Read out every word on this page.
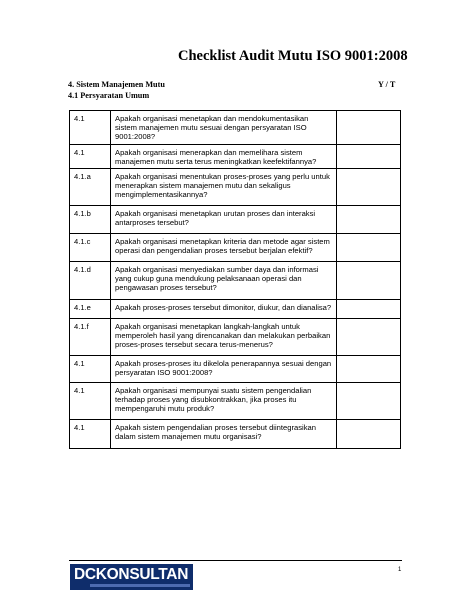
Checklist Audit Mutu ISO 9001:2008
4. Sistem Manajemen Mutu	Y / T
4.1 Persyaratan Umum
4.1	Apakah organisasi menetapkan dan mendokumentasikan sistem manajemen mutu sesuai dengan persyaratan ISO 9001:2008?	
4.1	Apakah organisasi menerapkan dan memelihara sistem manajemen mutu serta terus meningkatkan keefektifannya?	
4.1.a	Apakah organisasi menentukan proses-proses yang perlu untuk menerapkan sistem manajemen mutu dan sekaligus mengimplementasikannya?	
4.1.b	Apakah organisasi menetapkan urutan proses dan interaksi antarproses tersebut?	
4.1.c	Apakah organisasi menetapkan kriteria dan metode agar sistem operasi dan pengendalian proses tersebut berjalan efektif?	
4.1.d	Apakah organisasi menyediakan sumber daya dan informasi yang cukup guna mendukung pelaksanaan operasi dan pengawasan proses tersebut?	
4.1.e	Apakah proses-proses tersebut dimonitor, diukur, dan dianalisa?	
4.1.f	Apakah organisasi menetapkan langkah-langkah untuk memperoleh hasil yang direncanakan dan melakukan perbaikan proses-proses tersebut secara terus-menerus?	
4.1	Apakah proses-proses itu dikelola penerapannya sesuai dengan persyaratan ISO 9001:2008?	
4.1	Apakah organisasi mempunyai suatu sistem pengendalian terhadap proses yang disubkontrakkan, jika proses itu mempengaruhi mutu produk?	
4.1	Apakah sistem pengendalian proses tersebut diintegrasikan dalam sistem manajemen mutu organisasi?	
DCKONSULTAN	1
